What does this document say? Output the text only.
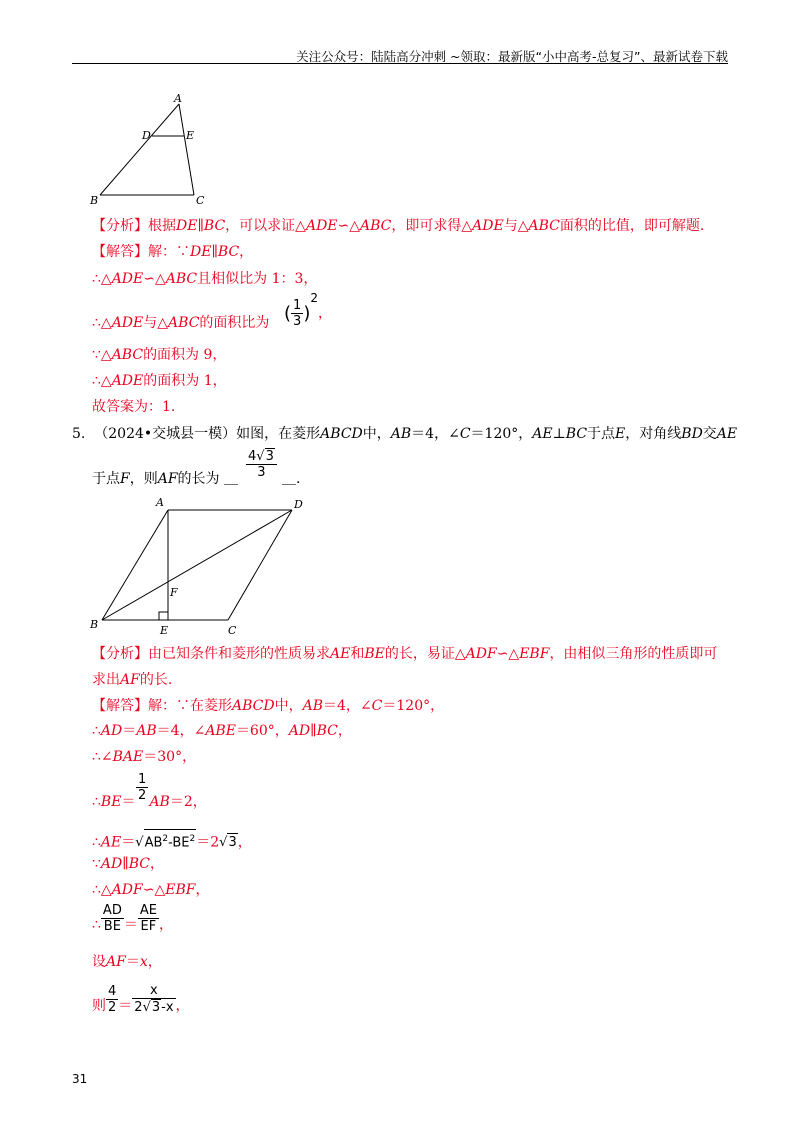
关注公众号：陆陆高分冲刺 ~领取：最新版“小中高考-总复习”、最新试卷下载
A
D	E
B	C
【分析】根据DE∥BC，可以求证△ADE∽△ABC，即可求得△ADE与△ABC面积的比值，即可解题.
【解答】解：∵DE∥BC，
∴△ADE∽△ABC且相似比为 1：3，
∴△ADE与△ABC的面积比为 ( $\frac{1}{3} )^2$，
∵△ABC的面积为 9，
∴△ADE的面积为 1，
故答案为：1.
5. （2024•交城县一模）如图，在菱形ABCD中，AB＝4，∠C＝120°，AE⊥BC于点E，对角线BD交AE
于点F，则AF的长为 ＿ $\frac{4√3}{3}$ ＿.
A	D
B
F
E	C
【分析】由已知条件和菱形的性质易求AE和BE的长，易证△ADF∽△EBF，由相似三角形的性质即可
求出AF的长.
【解答】解：∵在菱形ABCD中，AB＝4，∠C＝120°，
∴AD＝AB＝4，∠ABE＝60°，AD∥BC，
∴∠BAE＝30°，
∴BE＝ AB＝2，
$\frac{1}{2}$
$\therefore AE=√AB^2-BE^2=2√3$，
∵AD∥BC，
∴△ADF∽△EBF，
∴ $\frac{AD}{BE} = \frac{AE}{EF}$ ，
设AF＝x，
则 $\frac{4}{2} = \frac{x}{2√3-x}$ ，
31
